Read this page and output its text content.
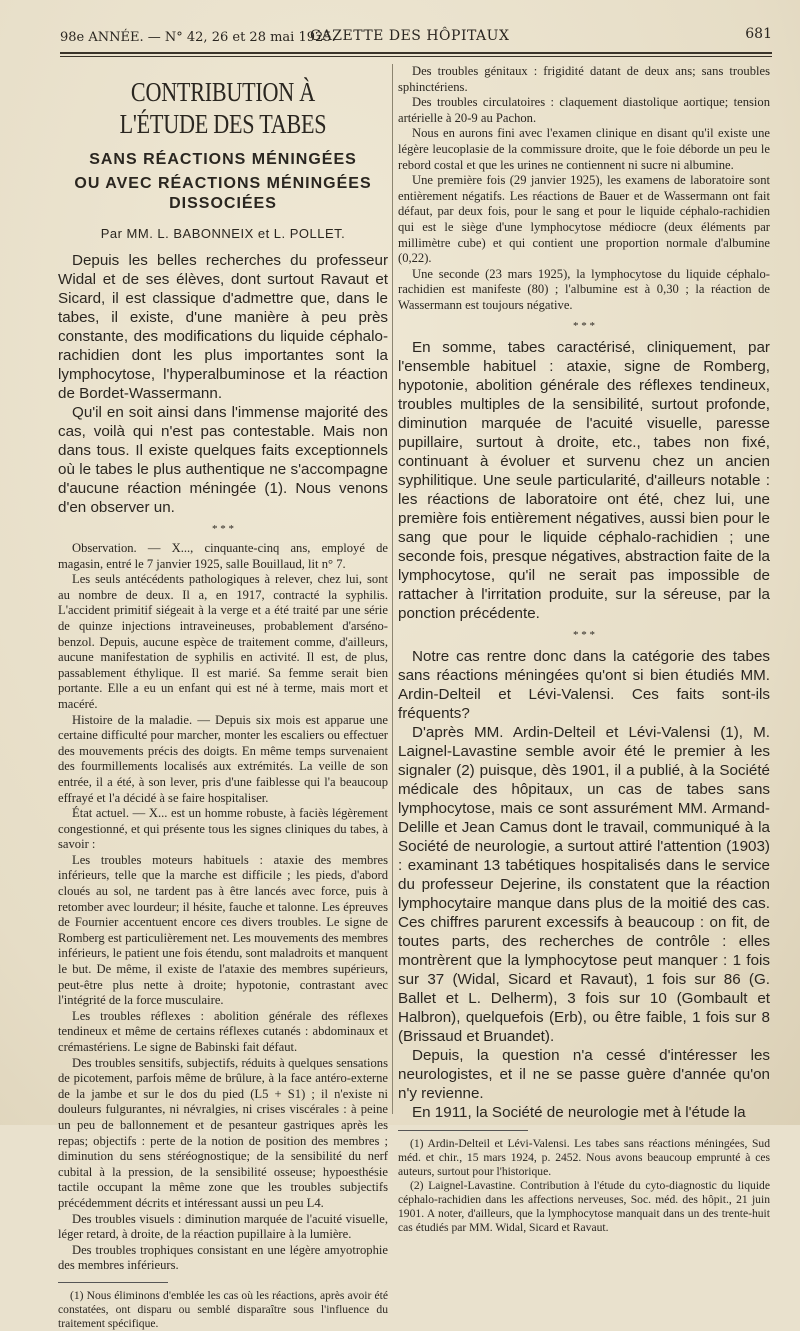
98e ANNÉE. — N° 42, 26 et 28 mai 1925.
GAZETTE DES HÔPITAUX	681
CONTRIBUTION À L'ÉTUDE DES TABES
SANS RÉACTIONS MÉNINGÉES
OU AVEC RÉACTIONS MÉNINGÉES DISSOCIÉES
Par MM. L. BABONNEIX et L. POLLET.

Depuis les belles recherches du professeur Widal et de ses élèves, dont surtout Ravaut et Sicard, il est classique d'admettre que, dans le tabes, il existe, d'une manière à peu près constante, des modifications du liquide céphalo-rachidien dont les plus importantes sont la lymphocytose, l'hyperalbuminose et la réaction de Bordet-Wassermann.

Qu'il en soit ainsi dans l'immense majorité des cas, voilà qui n'est pas contestable. Mais non dans tous. Il existe quelques faits exceptionnels où le tabes le plus authentique ne s'accompagne d'aucune réaction méningée (1). Nous venons d'en observer un.

* * *

Observation. — X..., cinquante-cinq ans, employé de magasin, entré le 7 janvier 1925, salle Bouillaud, lit n° 7.

Les seuls antécédents pathologiques à relever, chez lui, sont au nombre de deux. Il a, en 1917, contracté la syphilis. L'accident primitif siégeait à la verge et a été traité par une série de quinze injections intraveineuses, probablement d'arséno-benzol. Depuis, aucune espèce de traitement comme, d'ailleurs, aucune manifestation de syphilis en activité. Il est, de plus, passablement éthylique. Il est marié. Sa femme serait bien portante. Elle a eu un enfant qui est né à terme, mais mort et macéré.

Histoire de la maladie. — Depuis six mois est apparue une certaine difficulté pour marcher, monter les escaliers ou effectuer des mouvements précis des doigts. En même temps survenaient des fourmillements localisés aux extrémités. La veille de son entrée, il a été, à son lever, pris d'une faiblesse qui l'a beaucoup effrayé et l'a décidé à se faire hospitaliser.

État actuel. — X... est un homme robuste, à faciès légèrement congestionné, et qui présente tous les signes cliniques du tabes, à savoir :

Les troubles moteurs habituels : ataxie des membres inférieurs, telle que la marche est difficile ; les pieds, d'abord cloués au sol, ne tardent pas à être lancés avec force, puis à retomber avec lourdeur; il hésite, fauche et talonne. Les épreuves de Fournier accentuent encore ces divers troubles. Le signe de Romberg est particulièrement net. Les mouvements des membres inférieurs, le patient une fois étendu, sont maladroits et manquent le but. De même, il existe de l'ataxie des membres supérieurs, peut-être plus nette à droite; hypotonie, contrastant avec l'intégrité de la force musculaire.

Les troubles réflexes : abolition générale des réflexes tendineux et même de certains réflexes cutanés : abdominaux et crémastériens. Le signe de Babinski fait défaut.

Des troubles sensitifs, subjectifs, réduits à quelques sensations de picotement, parfois même de brûlure, à la face antéro-externe de la jambe et sur le dos du pied (L5 + S1) ; il n'existe ni douleurs fulgurantes, ni névralgies, ni crises viscérales : à peine un peu de ballonnement et de pesanteur gastriques après les repas; objectifs : perte de la notion de position des membres ; diminution du sens stéréognostique; de la sensibilité du nerf cubital à la pression, de la sensibilité osseuse; hypoesthésie tactile occupant la même zone que les troubles subjectifs précédemment décrits et intéressant aussi un peu L4.

Des troubles visuels : diminution marquée de l'acuité visuelle, léger retard, à droite, de la réaction pupillaire à la lumière.

Des troubles trophiques consistant en une légère amyotrophie des membres inférieurs.

(1) Nous éliminons d'emblée les cas où les réactions, après avoir été constatées, ont disparu ou semblé disparaître sous l'influence du traitement spécifique.

Des troubles génitaux : frigidité datant de deux ans; sans troubles sphinctériens.

Des troubles circulatoires : claquement diastolique aortique; tension artérielle à 20-9 au Pachon.

Nous en aurons fini avec l'examen clinique en disant qu'il existe une légère leucoplasie de la commissure droite, que le foie déborde un peu le rebord costal et que les urines ne contiennent ni sucre ni albumine.

Une première fois (29 janvier 1925), les examens de laboratoire sont entièrement négatifs. Les réactions de Bauer et de Wassermann ont fait défaut, par deux fois, pour le sang et pour le liquide céphalo-rachidien qui est le siège d'une lymphocytose médiocre (deux éléments par millimètre cube) et qui contient une proportion normale d'albumine (0,22).

Une seconde (23 mars 1925), la lymphocytose du liquide céphalo-rachidien est manifeste (80) ; l'albumine est à 0,30 ; la réaction de Wassermann est toujours négative.

* * *

En somme, tabes caractérisé, cliniquement, par l'ensemble habituel : ataxie, signe de Romberg, hypotonie, abolition générale des réflexes tendineux, troubles multiples de la sensibilité, surtout profonde, diminution marquée de l'acuité visuelle, paresse pupillaire, surtout à droite, etc., tabes non fixé, continuant à évoluer et survenu chez un ancien syphilitique. Une seule particularité, d'ailleurs notable : les réactions de laboratoire ont été, chez lui, une première fois entièrement négatives, aussi bien pour le sang que pour le liquide céphalo-rachidien ; une seconde fois, presque négatives, abstraction faite de la lymphocytose, qu'il ne serait pas impossible de rattacher à l'irritation produite, sur la séreuse, par la ponction précédente.

* * *

Notre cas rentre donc dans la catégorie des tabes sans réactions méningées qu'ont si bien étudiés MM. Ardin-Delteil et Lévi-Valensi. Ces faits sont-ils fréquents?

D'après MM. Ardin-Delteil et Lévi-Valensi (1), M. Laignel-Lavastine semble avoir été le premier à les signaler (2) puisque, dès 1901, il a publié, à la Société médicale des hôpitaux, un cas de tabes sans lymphocytose, mais ce sont assurément MM. Armand-Delille et Jean Camus dont le travail, communiqué à la Société de neurologie, a surtout attiré l'attention (1903) : examinant 13 tabétiques hospitalisés dans le service du professeur Dejerine, ils constatent que la réaction lymphocytaire manque dans plus de la moitié des cas. Ces chiffres parurent excessifs à beaucoup : on fit, de toutes parts, des recherches de contrôle : elles montrèrent que la lymphocytose peut manquer : 1 fois sur 37 (Widal, Sicard et Ravaut), 1 fois sur 86 (G. Ballet et L. Delherm), 3 fois sur 10 (Gombault et Halbron), quelquefois (Erb), ou être faible, 1 fois sur 8 (Brissaud et Bruandet).

Depuis, la question n'a cessé d'intéresser les neurologistes, et il ne se passe guère d'année qu'on n'y revienne.

En 1911, la Société de neurologie met à l'étude la

(1) Ardin-Delteil et Lévi-Valensi. Les tabes sans réactions méningées, Sud méd. et chir., 15 mars 1924, p. 2452. Nous avons beaucoup emprunté à ces auteurs, surtout pour l'historique.

(2) Laignel-Lavastine. Contribution à l'étude du cyto-diagnostic du liquide céphalo-rachidien dans les affections nerveuses, Soc. méd. des hôpit., 21 juin 1901. A noter, d'ailleurs, que la lymphocytose manquait dans un des trente-huit cas étudiés par MM. Widal, Sicard et Ravaut.
